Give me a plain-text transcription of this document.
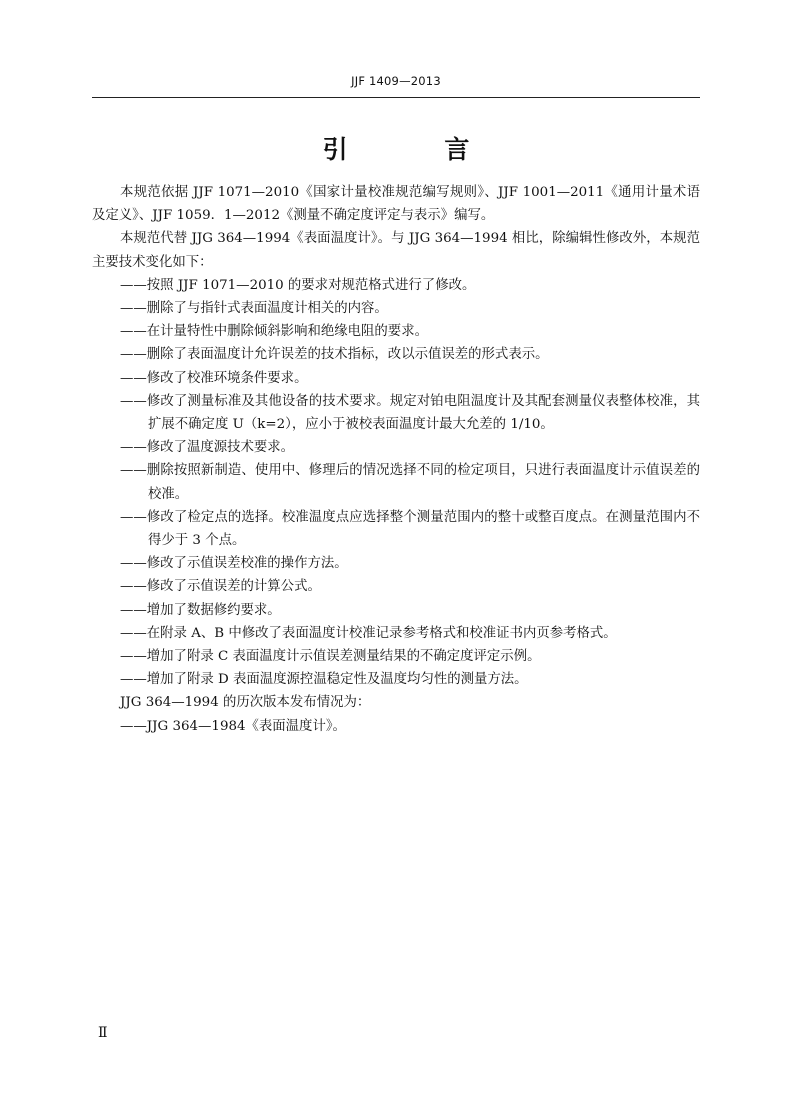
JJF 1409—2013
引 言

本规范依据 JJF 1071—2010《国家计量校准规范编写规则》、JJF 1001—2011《通用计量术语及定义》、JJF 1059．1—2012《测量不确定度评定与表示》编写。

本规范代替 JJG 364—1994《表面温度计》。与 JJG 364—1994 相比，除编辑性修改外，本规范主要技术变化如下：

——按照 JJF 1071—2010 的要求对规范格式进行了修改。

——删除了与指针式表面温度计相关的内容。

——在计量特性中删除倾斜影响和绝缘电阻的要求。

——删除了表面温度计允许误差的技术指标，改以示值误差的形式表示。

——修改了校准环境条件要求。

——修改了测量标准及其他设备的技术要求。规定对铂电阻温度计及其配套测量仪表整体校准，其扩展不确定度 U（k=2），应小于被校表面温度计最大允差的 1/10。

——修改了温度源技术要求。

——删除按照新制造、使用中、修理后的情况选择不同的检定项目，只进行表面温度计示值误差的校准。

——修改了检定点的选择。校准温度点应选择整个测量范围内的整十或整百度点。在测量范围内不得少于 3 个点。

——修改了示值误差校准的操作方法。

——修改了示值误差的计算公式。

——增加了数据修约要求。

——在附录 A、B 中修改了表面温度计校准记录参考格式和校准证书内页参考格式。

——增加了附录 C 表面温度计示值误差测量结果的不确定度评定示例。

——增加了附录 D 表面温度源控温稳定性及温度均匀性的测量方法。

JJG 364—1994 的历次版本发布情况为：

——JJG 364—1984《表面温度计》。

Ⅱ
